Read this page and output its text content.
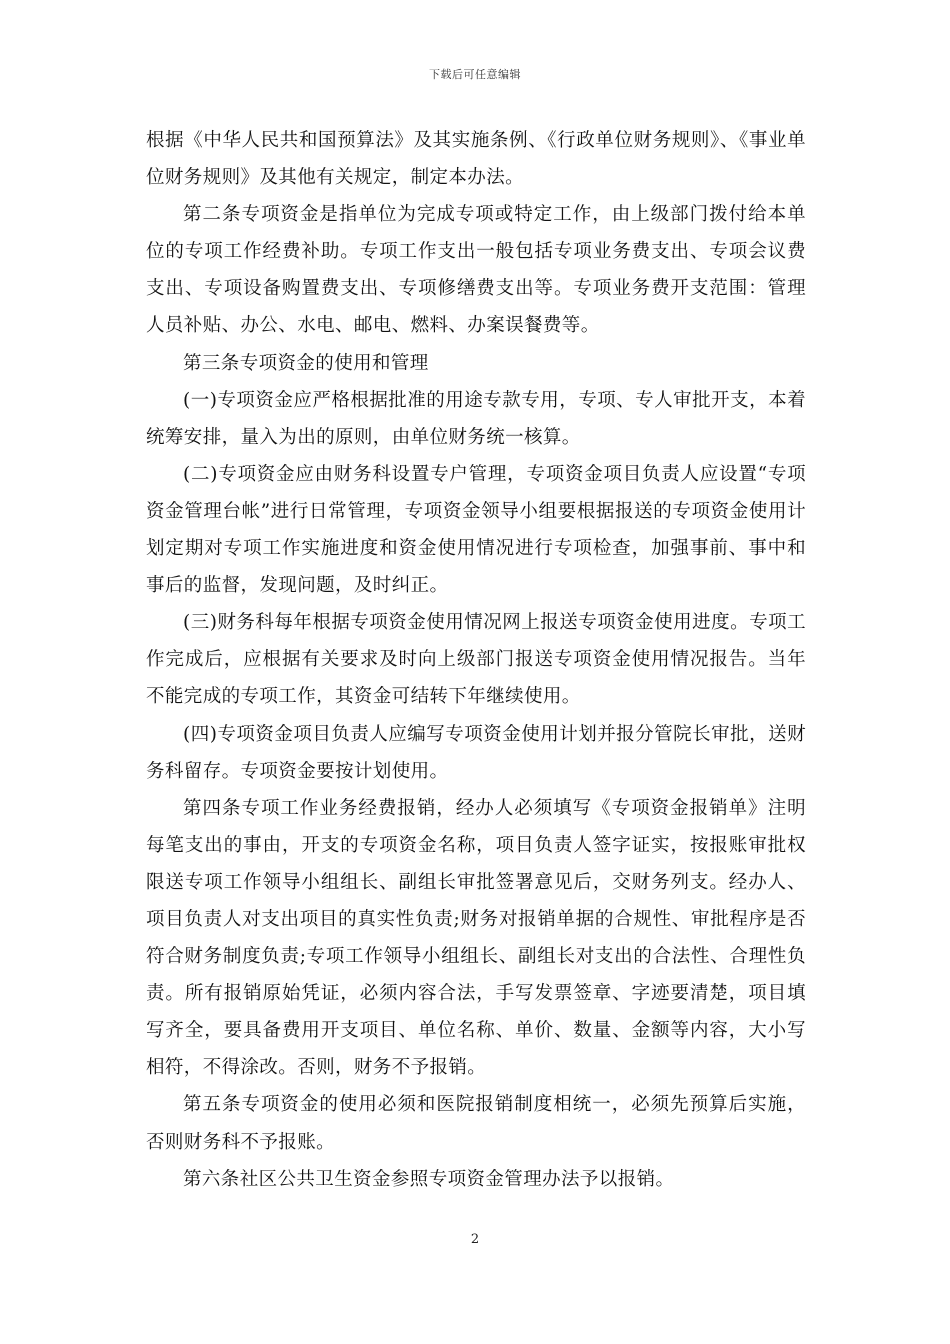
下载后可任意编辑

根据《中华人民共和国预算法》及其实施条例、《行政单位财务规则》、《事业单位财务规则》及其他有关规定，制定本办法。

第二条专项资金是指单位为完成专项或特定工作，由上级部门拨付给本单位的专项工作经费补助。专项工作支出一般包括专项业务费支出、专项会议费支出、专项设备购置费支出、专项修缮费支出等。专项业务费开支范围：管理人员补贴、办公、水电、邮电、燃料、办案误餐费等。

第三条专项资金的使用和管理

(一)专项资金应严格根据批准的用途专款专用，专项、专人审批开支，本着统筹安排，量入为出的原则，由单位财务统一核算。

(二)专项资金应由财务科设置专户管理，专项资金项目负责人应设置“专项资金管理台帐”进行日常管理，专项资金领导小组要根据报送的专项资金使用计划定期对专项工作实施进度和资金使用情况进行专项检查，加强事前、事中和事后的监督，发现问题，及时纠正。

(三)财务科每年根据专项资金使用情况网上报送专项资金使用进度。专项工作完成后，应根据有关要求及时向上级部门报送专项资金使用情况报告。当年不能完成的专项工作，其资金可结转下年继续使用。

(四)专项资金项目负责人应编写专项资金使用计划并报分管院长审批，送财务科留存。专项资金要按计划使用。

第四条专项工作业务经费报销，经办人必须填写《专项资金报销单》注明每笔支出的事由，开支的专项资金名称，项目负责人签字证实，按报账审批权限送专项工作领导小组组长、副组长审批签署意见后，交财务列支。经办人、项目负责人对支出项目的真实性负责;财务对报销单据的合规性、审批程序是否符合财务制度负责;专项工作领导小组组长、副组长对支出的合法性、合理性负责。所有报销原始凭证，必须内容合法，手写发票签章、字迹要清楚，项目填写齐全，要具备费用开支项目、单位名称、单价、数量、金额等内容，大小写相符，不得涂改。否则，财务不予报销。

第五条专项资金的使用必须和医院报销制度相统一，必须先预算后实施，否则财务科不予报账。

第六条社区公共卫生资金参照专项资金管理办法予以报销。

2
